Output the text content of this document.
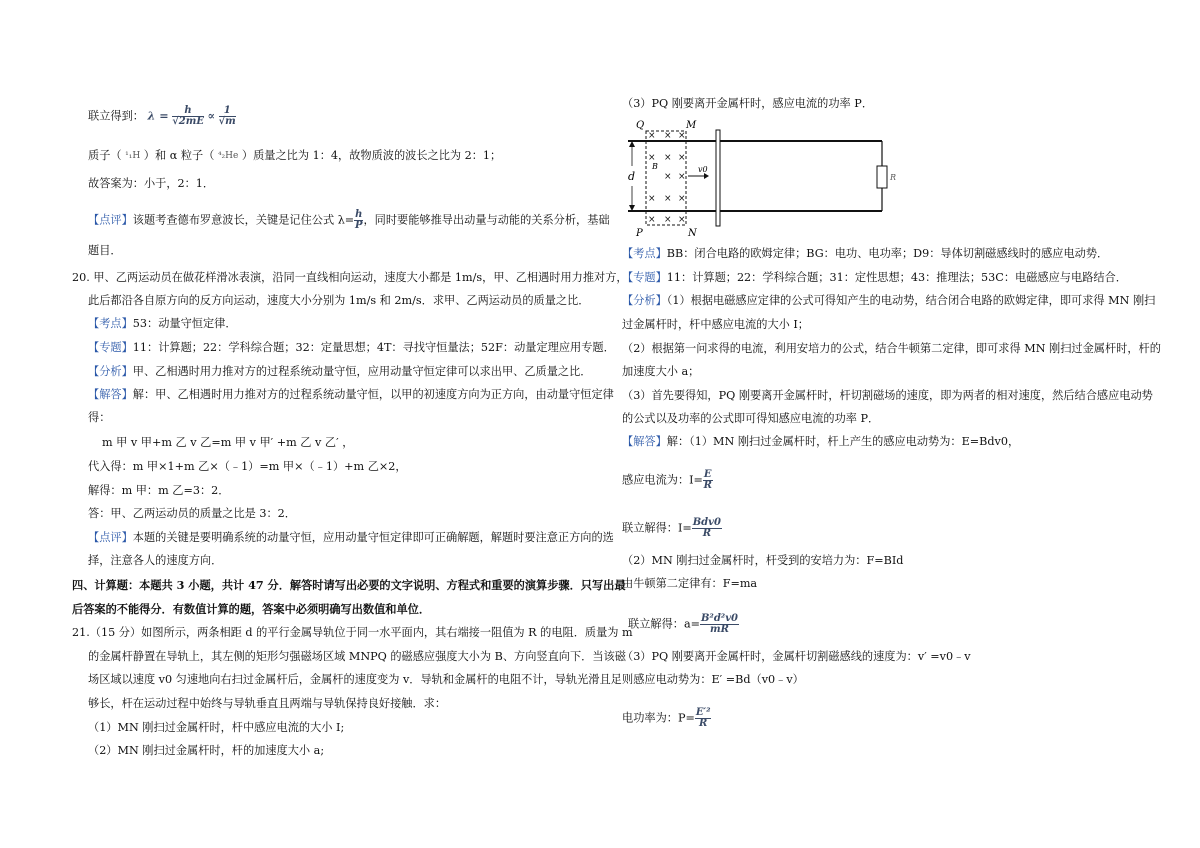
联立得到： $\lambda = \frac{h}{√2mE} \propto \frac{1}{√m}$
质子（ ¹₁H ）和 α 粒子（ ⁴₂He ）质量之比为 1：4，故物质波的波长之比为 2：1；
故答案为：小于，2：1．
【点评】该题考查德布罗意波长，关键是记住公式 $\lambda= \frac{h}{P}$ ，同时要能够推导出动量与动能的关系分析，基础
题目．
20. 甲、乙两运动员在做花样滑冰表演，沿同一直线相向运动，速度大小都是 1m/s，甲、乙相遇时用力推对方，
此后都沿各自原方向的反方向运动，速度大小分别为 1m/s 和 2m/s．求甲、乙两运动员的质量之比．
【考点】53：动量守恒定律．
【专题】11：计算题；22：学科综合题；32：定量思想；4T：寻找守恒量法；52F：动量定理应用专题．
【分析】甲、乙相遇时用力推对方的过程系统动量守恒，应用动量守恒定律可以求出甲、乙质量之比．
【解答】解：甲、乙相遇时用力推对方的过程系统动量守恒，以甲的初速度方向为正方向，由动量守恒定律
得：
m 甲 v 甲+m 乙 v 乙=m 甲 v 甲′ +m 乙 v 乙′ ，
代入得：m 甲×1+m 乙×（﹣1）=m 甲×（﹣1）+m 乙×2，
解得：m 甲：m 乙=3：2．
答：甲、乙两运动员的质量之比是 3：2．
【点评】本题的关键是要明确系统的动量守恒，应用动量守恒定律即可正确解题，解题时要注意正方向的选
择，注意各人的速度方向．
四、计算题：本题共 3 小题，共计 47 分．解答时请写出必要的文字说明、方程式和重要的演算步骤．只写出最
后答案的不能得分．有数值计算的题，答案中必须明确写出数值和单位．
21.（15 分）如图所示，两条相距 d 的平行金属导轨位于同一水平面内，其右端接一阻值为 R 的电阻．质量为 m
的金属杆静置在导轨上，其左侧的矩形匀强磁场区域 MNPQ 的磁感应强度大小为 B、方向竖直向下．当该磁
场区域以速度 v0 匀速地向右扫过金属杆后，金属杆的速度变为 v．导轨和金属杆的电阻不计，导轨光滑且足
够长，杆在运动过程中始终与导轨垂直且两端与导轨保持良好接触．求：
（1）MN 刚扫过金属杆时，杆中感应电流的大小 I;
（2）MN 刚扫过金属杆时，杆的加速度大小 a;
（3）PQ 刚要离开金属杆时，感应电流的功率 P．
R
Q	M
P	N
d
B	v0
× × ×
× × ×
× ×
× × ×
× × ×
【考点】BB：闭合电路的欧姆定律；BG：电功、电功率；D9：导体切割磁感线时的感应电动势．
【专题】11：计算题；22：学科综合题；31：定性思想；43：推理法；53C：电磁感应与电路结合．
【分析】（1）根据电磁感应定律的公式可得知产生的电动势，结合闭合电路的欧姆定律，即可求得 MN 刚扫
过金属杆时，杆中感应电流的大小 I；
（2）根据第一问求得的电流，利用安培力的公式，结合牛顿第二定律，即可求得 MN 刚扫过金属杆时，杆的
加速度大小 a；
（3）首先要得知，PQ 刚要离开金属杆时，杆切割磁场的速度，即为两者的相对速度，然后结合感应电动势
的公式以及功率的公式即可得知感应电流的功率 P．
【解答】解：（1）MN 刚扫过金属杆时，杆上产生的感应电动势为：E=Bdv0，
感应电流为：$I= \frac{E}{R}$
联立解得：$I= \frac{\text{Bdv0}}{R}$
（2）MN 刚扫过金属杆时，杆受到的安培力为：F=BId
由牛顿第二定律有：F=ma
联立解得：$a= \frac{\text{B²d²v0}}{mR}$
（3）PQ 刚要离开金属杆时，金属杆切割磁感线的速度为：v′ =v0﹣v
则感应电动势为：E′ =Bd（v0﹣v）
电功率为：$P= \frac{\text{E′²}}{R}$
